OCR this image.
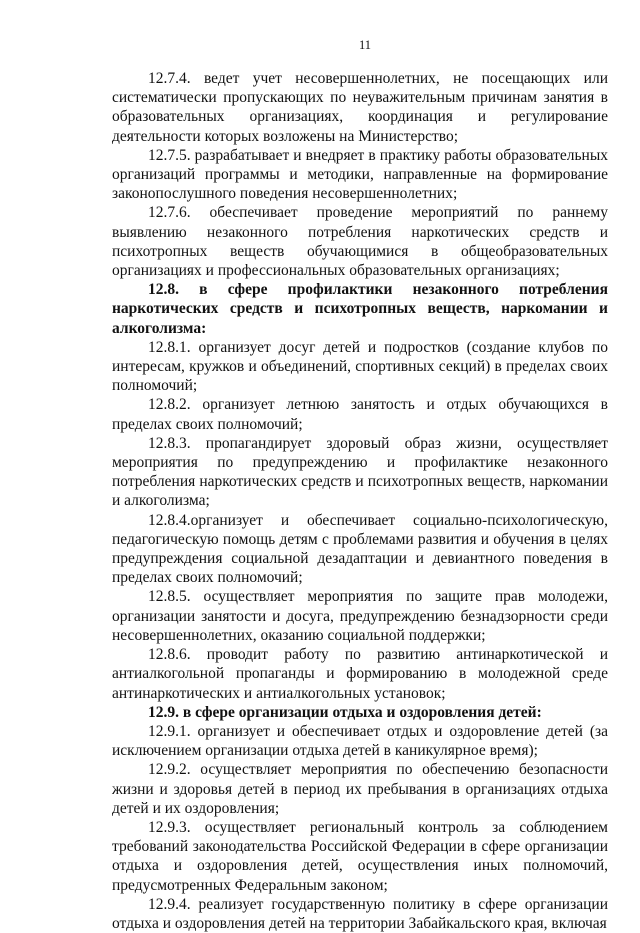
11

12.7.4. ведет учет несовершеннолетних, не посещающих или систематически пропускающих по неуважительным причинам занятия в образовательных организациях, координация и регулирование деятельности которых возложены на Министерство;

12.7.5. разрабатывает и внедряет в практику работы образовательных организаций программы и методики, направленные на формирование законопослушного поведения несовершеннолетних;

12.7.6. обеспечивает проведение мероприятий по раннему выявлению незаконного потребления наркотических средств и психотропных веществ обучающимися в общеобразовательных организациях и профессиональных образовательных организациях;

12.8. в сфере профилактики незаконного потребления наркотических средств и психотропных веществ, наркомании и алкоголизма:

12.8.1. организует досуг детей и подростков (создание клубов по интересам, кружков и объединений, спортивных секций) в пределах своих полномочий;

12.8.2. организует летнюю занятость и отдых обучающихся в пределах своих полномочий;

12.8.3. пропагандирует здоровый образ жизни, осуществляет мероприятия по предупреждению и профилактике незаконного потребления наркотических средств и психотропных веществ, наркомании и алкоголизма;

12.8.4.организует и обеспечивает социально-психологическую, педагогическую помощь детям с проблемами развития и обучения в целях предупреждения социальной дезадаптации и девиантного поведения в пределах своих полномочий;

12.8.5. осуществляет мероприятия по защите прав молодежи, организации занятости и досуга, предупреждению безнадзорности среди несовершеннолетних, оказанию социальной поддержки;

12.8.6. проводит работу по развитию антинаркотической и антиалкогольной пропаганды и формированию в молодежной среде антинаркотических и антиалкогольных установок;

12.9. в сфере организации отдыха и оздоровления детей:

12.9.1. организует и обеспечивает отдых и оздоровление детей (за исключением организации отдыха детей в каникулярное время);

12.9.2. осуществляет мероприятия по обеспечению безопасности жизни и здоровья детей в период их пребывания в организациях отдыха детей и их оздоровления;

12.9.3. осуществляет региональный контроль за соблюдением требований законодательства Российской Федерации в сфере организации отдыха и оздоровления детей, осуществления иных полномочий, предусмотренных Федеральным законом;

12.9.4. реализует государственную политику в сфере организации отдыха и оздоровления детей на территории Забайкальского края, включая
